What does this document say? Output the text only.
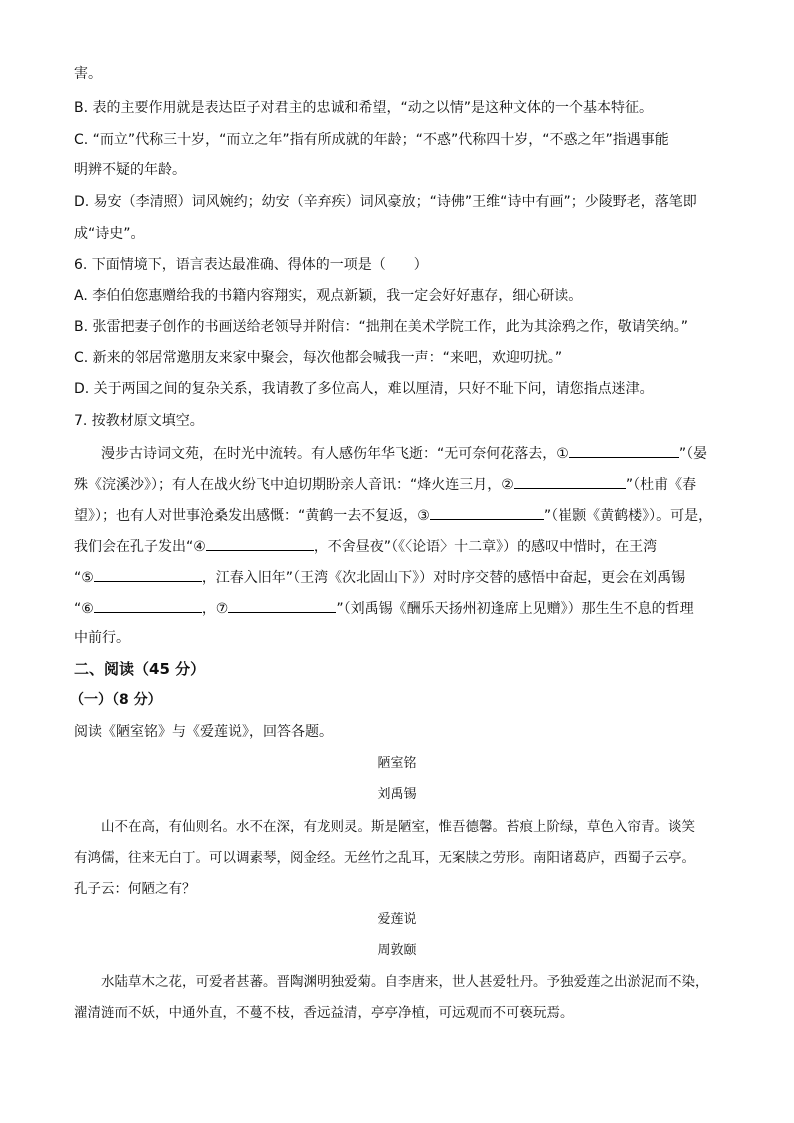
害。
B. 表的主要作用就是表达臣子对君主的忠诚和希望，“动之以情”是这种文体的一个基本特征。
C. “而立”代称三十岁，“而立之年”指有所成就的年龄；“不惑”代称四十岁，“不惑之年”指遇事能
明辨不疑的年龄。
D. 易安（李清照）词风婉约；幼安（辛弃疾）词风豪放；“诗佛”王维“诗中有画”；少陵野老，落笔即
成“诗史”。
6. 下面情境下，语言表达最准确、得体的一项是（　　）
A. 李伯伯您惠赠给我的书籍内容翔实，观点新颖，我一定会好好惠存，细心研读。
B. 张雷把妻子创作的书画送给老领导并附信：“拙荆在美术学院工作，此为其涂鸦之作，敬请笑纳。”
C. 新来的邻居常邀朋友来家中聚会，每次他都会喊我一声：“来吧，欢迎叨扰。”
D. 关于两国之间的复杂关系，我请教了多位高人，难以厘清，只好不耻下问，请您指点迷津。
7. 按教材原文填空。
漫步古诗词文苑，在时光中流转。有人感伤年华飞逝：“无可奈何花落去，①	”（晏
殊《浣溪沙》）；有人在战火纷飞中迫切期盼亲人音讯：“烽火连三月，②	”（杜甫《春
望》）；也有人对世事沧桑发出感慨：“黄鹤一去不复返，③	”（崔颢《黄鹤楼》）。可是，
我们会在孔子发出“④	，不舍昼夜”（《〈论语〉十二章》）的感叹中惜时，在王湾
“⑤	，江春入旧年”（王湾《次北固山下》）对时序交替的感悟中奋起，更会在刘禹锡
“⑥	，⑦	”（刘禹锡《酬乐天扬州初逢席上见赠》）那生生不息的哲理
中前行。
二、阅读（45 分）
（一）（8 分）
阅读《陋室铭》与《爱莲说》，回答各题。
陋室铭
刘禹锡
山不在高，有仙则名。水不在深，有龙则灵。斯是陋室，惟吾德馨。苔痕上阶绿，草色入帘青。谈笑
有鸿儒，往来无白丁。可以调素琴，阅金经。无丝竹之乱耳，无案牍之劳形。南阳诸葛庐，西蜀子云亭。
孔子云：何陋之有？
爱莲说
周敦颐
水陆草木之花，可爱者甚蕃。晋陶渊明独爱菊。自李唐来，世人甚爱牡丹。予独爱莲之出淤泥而不染，
濯清涟而不妖，中通外直，不蔓不枝，香远益清，亭亭净植，可远观而不可亵玩焉。
